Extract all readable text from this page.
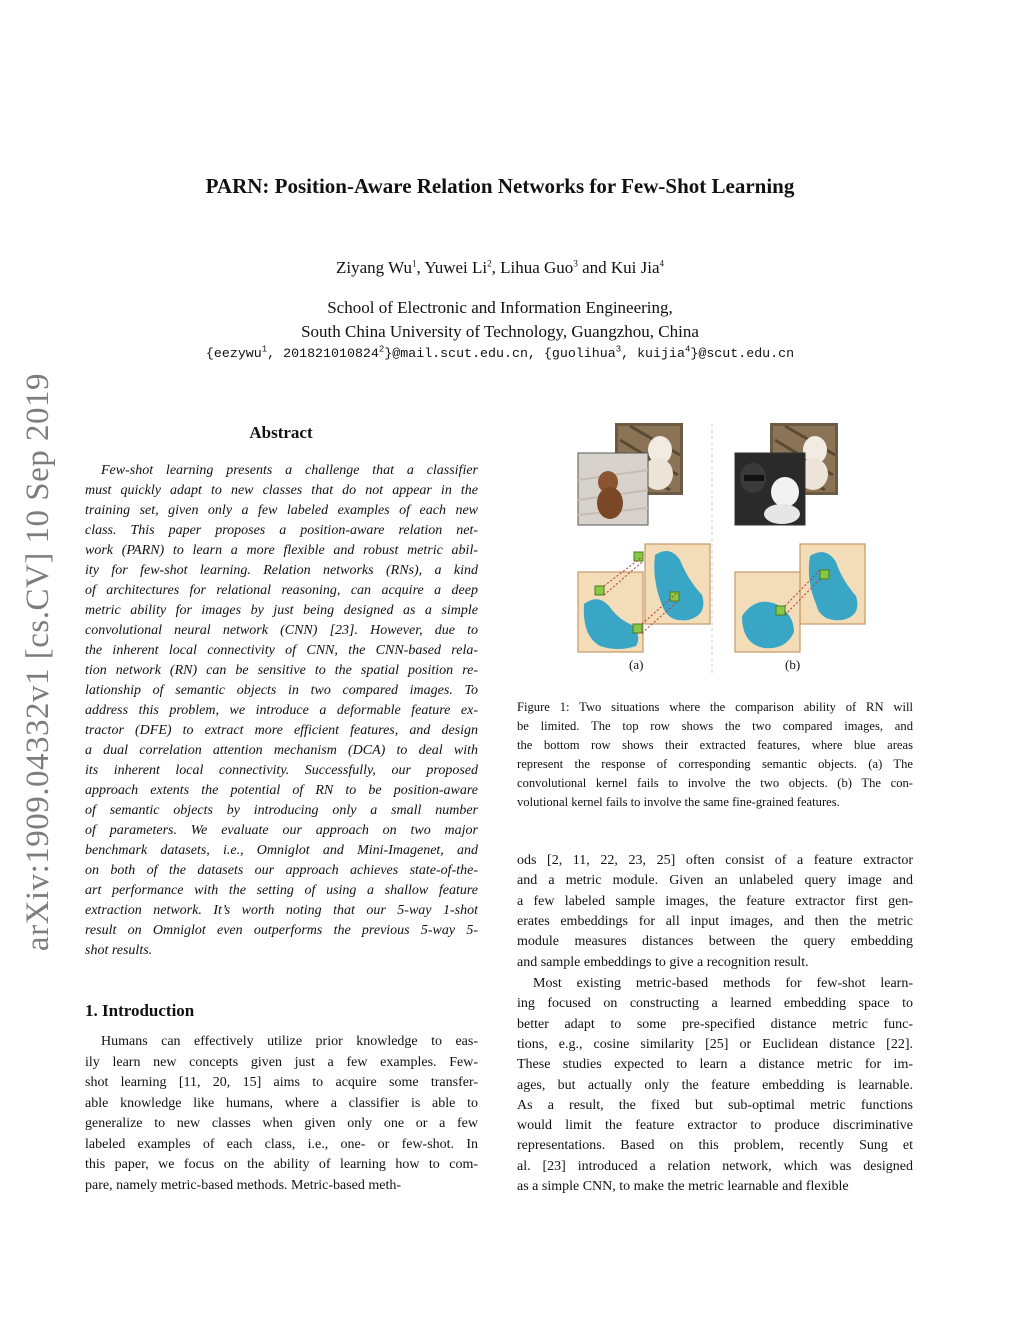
arXiv:1909.04332v1 [cs.CV] 10 Sep 2019
PARN: Position-Aware Relation Networks for Few-Shot Learning
Ziyang Wu$^1$, Yuwei Li$^2$, Lihua Guo$^3$ and Kui Jia$^4$
School of Electronic and Information Engineering,
South China University of Technology, Guangzhou, China
{eezywu$^1$, 201821010824$^2$}@mail.scut.edu.cn, {guolihua$^3$, kuijia$^4$}@scut.edu.cn
Abstract
Few-shot learning presents a challenge that a classifier
must quickly adapt to new classes that do not appear in the
training set, given only a few labeled examples of each new
class. This paper proposes a position-aware relation net-
work (PARN) to learn a more flexible and robust metric abil-
ity for few-shot learning. Relation networks (RNs), a kind
of architectures for relational reasoning, can acquire a deep
metric ability for images by just being designed as a simple
convolutional neural network (CNN) [23]. However, due to
the inherent local connectivity of CNN, the CNN-based rela-
tion network (RN) can be sensitive to the spatial position re-
lationship of semantic objects in two compared images. To
address this problem, we introduce a deformable feature ex-
tractor (DFE) to extract more efficient features, and design
a dual correlation attention mechanism (DCA) to deal with
its inherent local connectivity. Successfully, our proposed
approach extents the potential of RN to be position-aware
of semantic objects by introducing only a small number
of parameters. We evaluate our approach on two major
benchmark datasets, i.e., Omniglot and Mini-Imagenet, and
on both of the datasets our approach achieves state-of-the-
art performance with the setting of using a shallow feature
extraction network. It’s worth noting that our 5-way 1-shot
result on Omniglot even outperforms the previous 5-way 5-
shot results.
1. Introduction
Humans can effectively utilize prior knowledge to eas-
ily learn new concepts given just a few examples. Few-
shot learning [11, 20, 15] aims to acquire some transfer-
able knowledge like humans, where a classifier is able to
generalize to new classes when given only one or a few
labeled examples of each class, i.e., one- or few-shot. In
this paper, we focus on the ability of learning how to com-
pare, namely metric-based methods. Metric-based meth-
(a)	(b)
Figure 1: Two situations where the comparison ability of RN will
be limited. The top row shows the two compared images, and
the bottom row shows their extracted features, where blue areas
represent the response of corresponding semantic objects. (a) The
convolutional kernel fails to involve the two objects. (b) The con-
volutional kernel fails to involve the same fine-grained features.
ods [2, 11, 22, 23, 25] often consist of a feature extractor
and a metric module. Given an unlabeled query image and
a few labeled sample images, the feature extractor first gen-
erates embeddings for all input images, and then the metric
module measures distances between the query embedding
and sample embeddings to give a recognition result.
Most existing metric-based methods for few-shot learn-
ing focused on constructing a learned embedding space to
better adapt to some pre-specified distance metric func-
tions, e.g., cosine similarity [25] or Euclidean distance [22].
These studies expected to learn a distance metric for im-
ages, but actually only the feature embedding is learnable.
As a result, the fixed but sub-optimal metric functions
would limit the feature extractor to produce discriminative
representations. Based on this problem, recently Sung et
al. [23] introduced a relation network, which was designed
as a simple CNN, to make the metric learnable and flexible
